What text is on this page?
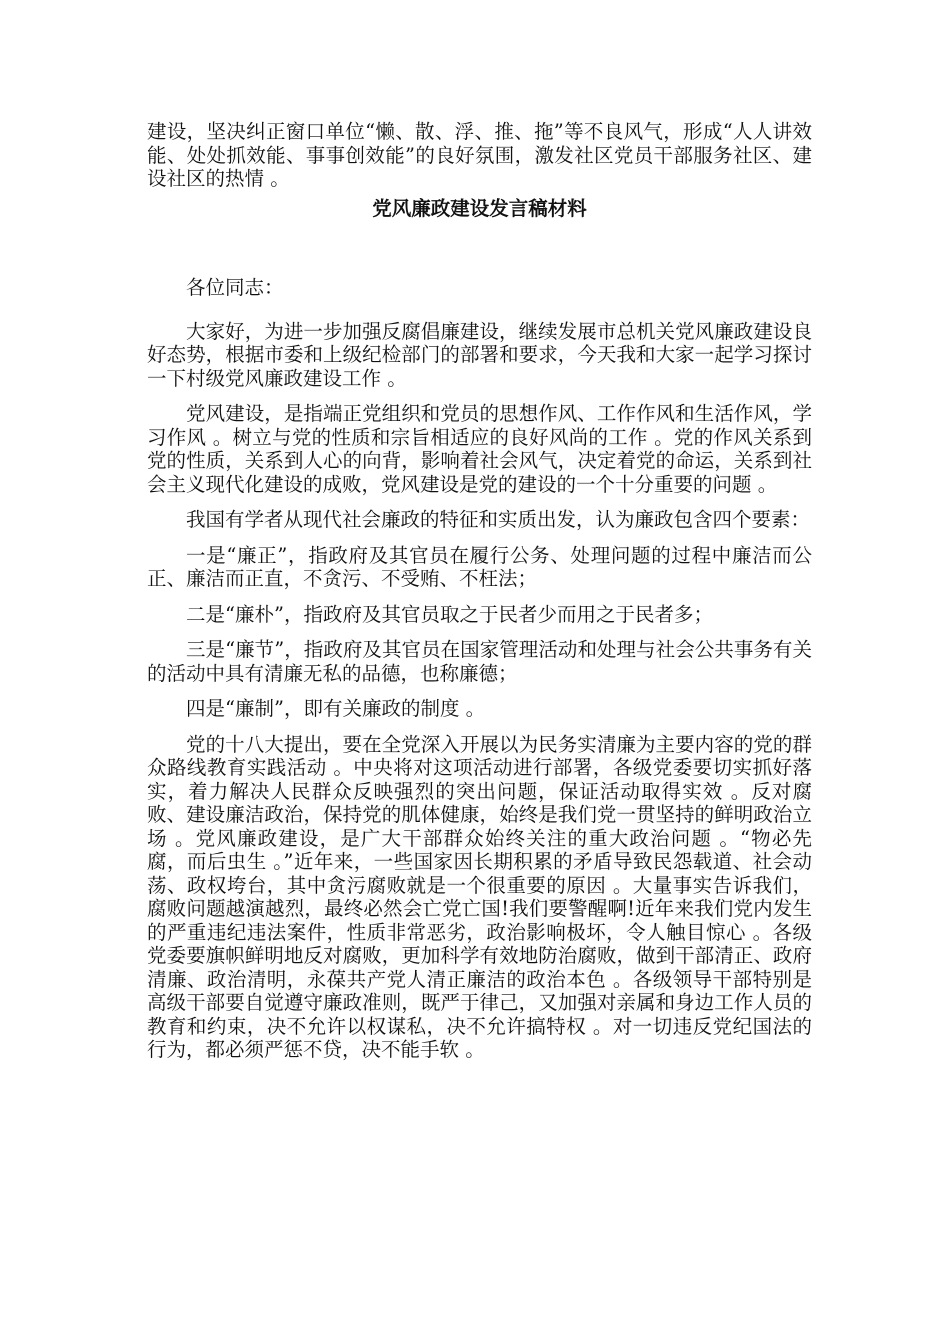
建设，坚决纠正窗口单位“懒、散、浮、推、拖”等不良风气，形成“人人讲效能、处处抓效能、事事创效能”的良好氛围，激发社区党员干部服务社区、建设社区的热情 。

党风廉政建设发言稿材料

各位同志：

大家好，为进一步加强反腐倡廉建设，继续发展市总机关党风廉政建设良好态势，根据市委和上级纪检部门的部署和要求，今天我和大家一起学习探讨一下村级党风廉政建设工作 。

党风建设，是指端正党组织和党员的思想作风、工作作风和生活作风，学习作风 。树立与党的性质和宗旨相适应的良好风尚的工作 。党的作风关系到党的性质，关系到人心的向背，影响着社会风气，决定着党的命运，关系到社会主义现代化建设的成败，党风建设是党的建设的一个十分重要的问题 。

我国有学者从现代社会廉政的特征和实质出发，认为廉政包含四个要素：

一是“廉正”，指政府及其官员在履行公务、处理问题的过程中廉洁而公正、廉洁而正直，不贪污、不受贿、不枉法；

二是“廉朴”，指政府及其官员取之于民者少而用之于民者多；

三是“廉节”，指政府及其官员在国家管理活动和处理与社会公共事务有关的活动中具有清廉无私的品德，也称廉德；

四是“廉制”，即有关廉政的制度 。

党的十八大提出，要在全党深入开展以为民务实清廉为主要内容的党的群众路线教育实践活动 。中央将对这项活动进行部署，各级党委要切实抓好落实，着力解决人民群众反映强烈的突出问题，保证活动取得实效 。反对腐败、建设廉洁政治，保持党的肌体健康，始终是我们党一贯坚持的鲜明政治立场 。党风廉政建设，是广大干部群众始终关注的重大政治问题 。“物必先腐，而后虫生 。”近年来，一些国家因长期积累的矛盾导致民怨载道、社会动荡、政权垮台，其中贪污腐败就是一个很重要的原因 。大量事实告诉我们，腐败问题越演越烈，最终必然会亡党亡国!我们要警醒啊!近年来我们党内发生的严重违纪违法案件，性质非常恶劣，政治影响极坏，令人触目惊心 。各级党委要旗帜鲜明地反对腐败，更加科学有效地防治腐败，做到干部清正、政府清廉、政治清明，永葆共产党人清正廉洁的政治本色 。各级领导干部特别是高级干部要自觉遵守廉政准则，既严于律己，又加强对亲属和身边工作人员的教育和约束，决不允许以权谋私，决不允许搞特权 。对一切违反党纪国法的行为，都必须严惩不贷，决不能手软 。
